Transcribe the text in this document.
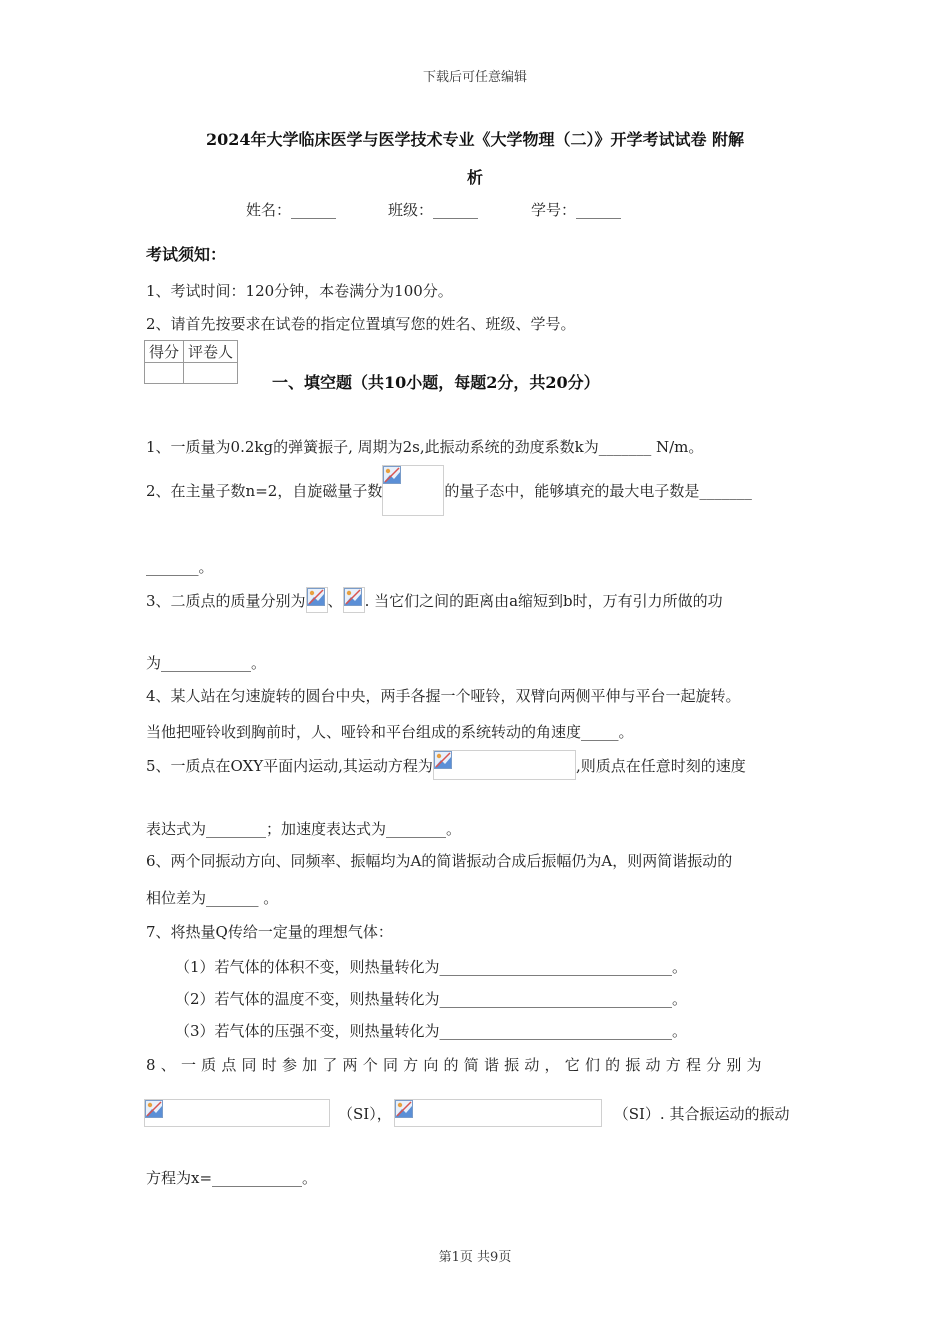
下载后可任意编辑
2024年大学临床医学与医学技术专业《大学物理（二）》开学考试试卷 附解
析
姓名：______	班级：______	学号：______
考试须知：
1、考试时间：120分钟，本卷满分为100分。
2、请首先按要求在试卷的指定位置填写您的姓名、班级、学号。
得分	评卷人

一、填空题（共10小题，每题2分，共20分）
1、一质量为0.2kg的弹簧振子, 周期为2s,此振动系统的劲度系数k为_______ N/m。
2、在主量子数n=2，自旋磁量子数	的量子态中，能够填充的最大电子数是_______
_______。
3、二质点的质量分别为 、 . 当它们之间的距离由a缩短到b时，万有引力所做的功
为____________。
4、某人站在匀速旋转的圆台中央，两手各握一个哑铃，双臂向两侧平伸与平台一起旋转。
当他把哑铃收到胸前时，人、哑铃和平台组成的系统转动的角速度_____。
5、一质点在OXY平面内运动,其运动方程为	,则质点在任意时刻的速度
表达式为________；加速度表达式为________。
6、两个同振动方向、同频率、振幅均为A的简谐振动合成后振幅仍为A，则两简谐振动的
相位差为_______ 。
7、将热量Q传给一定量的理想气体：
（1）若气体的体积不变，则热量转化为_______________________________。
（2）若气体的温度不变，则热量转化为_______________________________。
（3）若气体的压强不变，则热量转化为_______________________________。
8、一质点同时参加了两个同方向的简谐振动，它们的振动方程分别为
（SI），	（SI）. 其合振运动的振动
方程为x=____________。
第1页 共9页
